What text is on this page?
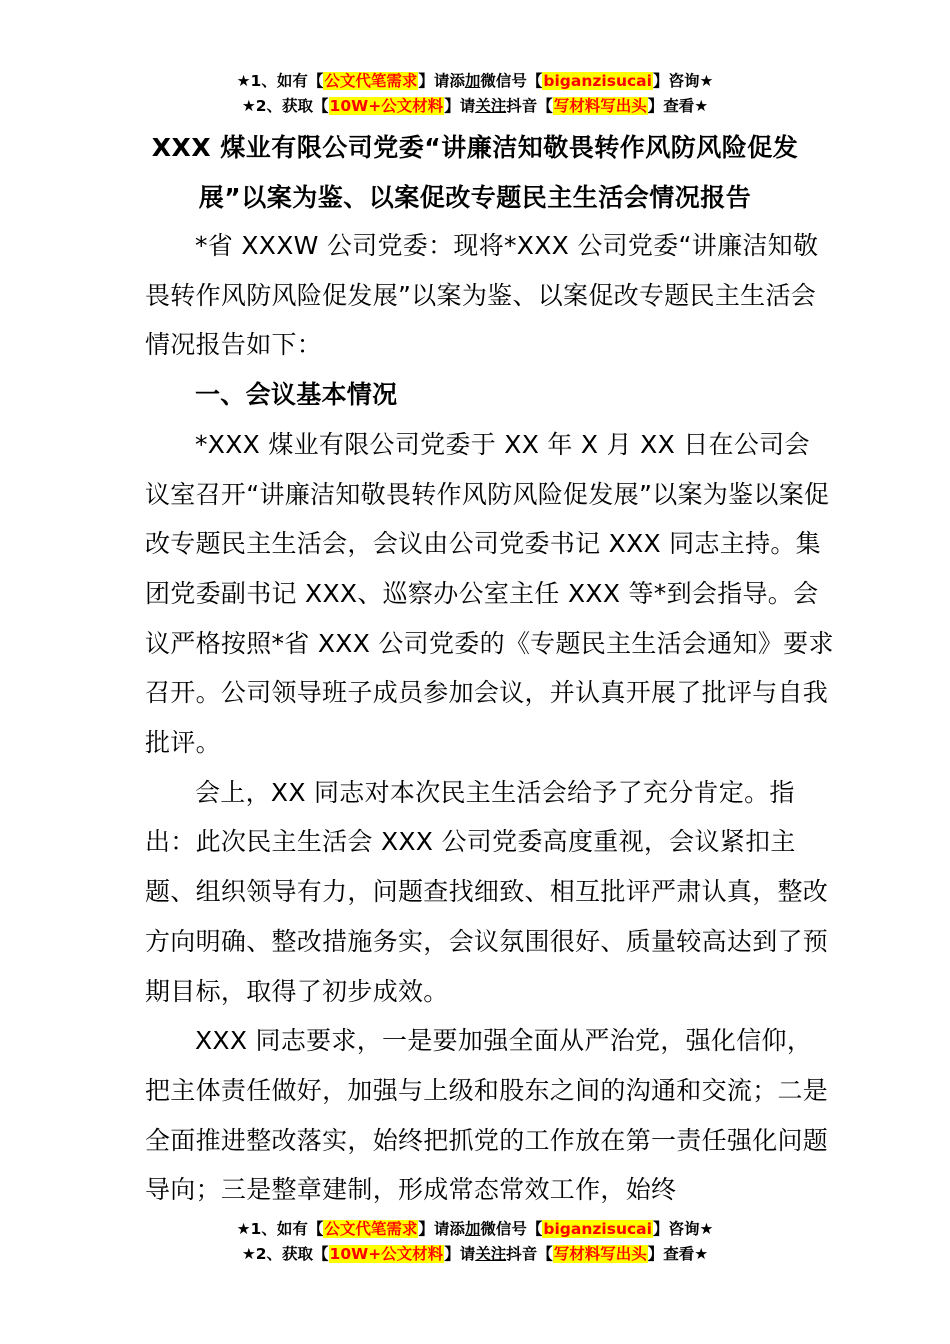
★1、如有【公文代笔需求】请添加微信号【biganzisucai】咨询★
★2、获取【10W+公文材料】请关注抖音【写材料写出头】查看★
XXX 煤业有限公司党委“讲廉洁知敬畏转作风防风险促发
展”以案为鉴、以案促改专题民主生活会情况报告

*省 XXXW 公司党委：现将*XXX 公司党委“讲廉洁知敬畏转作风防风险促发展”以案为鉴、以案促改专题民主生活会情况报告如下：

一、会议基本情况

*XXX 煤业有限公司党委于 XX 年 X 月 XX 日在公司会议室召开“讲廉洁知敬畏转作风防风险促发展”以案为鉴以案促改专题民主生活会，会议由公司党委书记 XXX 同志主持。集团党委副书记 XXX、巡察办公室主任 XXX 等*到会指导。会议严格按照*省 XXX 公司党委的《专题民主生活会通知》要求召开。公司领导班子成员参加会议，并认真开展了批评与自我批评。

会上，XX 同志对本次民主生活会给予了充分肯定。指出：此次民主生活会 XXX 公司党委高度重视，会议紧扣主题、组织领导有力，问题查找细致、相互批评严肃认真，整改方向明确、整改措施务实，会议氛围很好、质量较高达到了预期目标，取得了初步成效。

XXX 同志要求，一是要加强全面从严治党，强化信仰，把主体责任做好，加强与上级和股东之间的沟通和交流；二是全面推进整改落实，始终把抓党的工作放在第一责任强化问题导向；三是整章建制，形成常态常效工作，始终

★1、如有【公文代笔需求】请添加微信号【biganzisucai】咨询★
★2、获取【10W+公文材料】请关注抖音【写材料写出头】查看★
